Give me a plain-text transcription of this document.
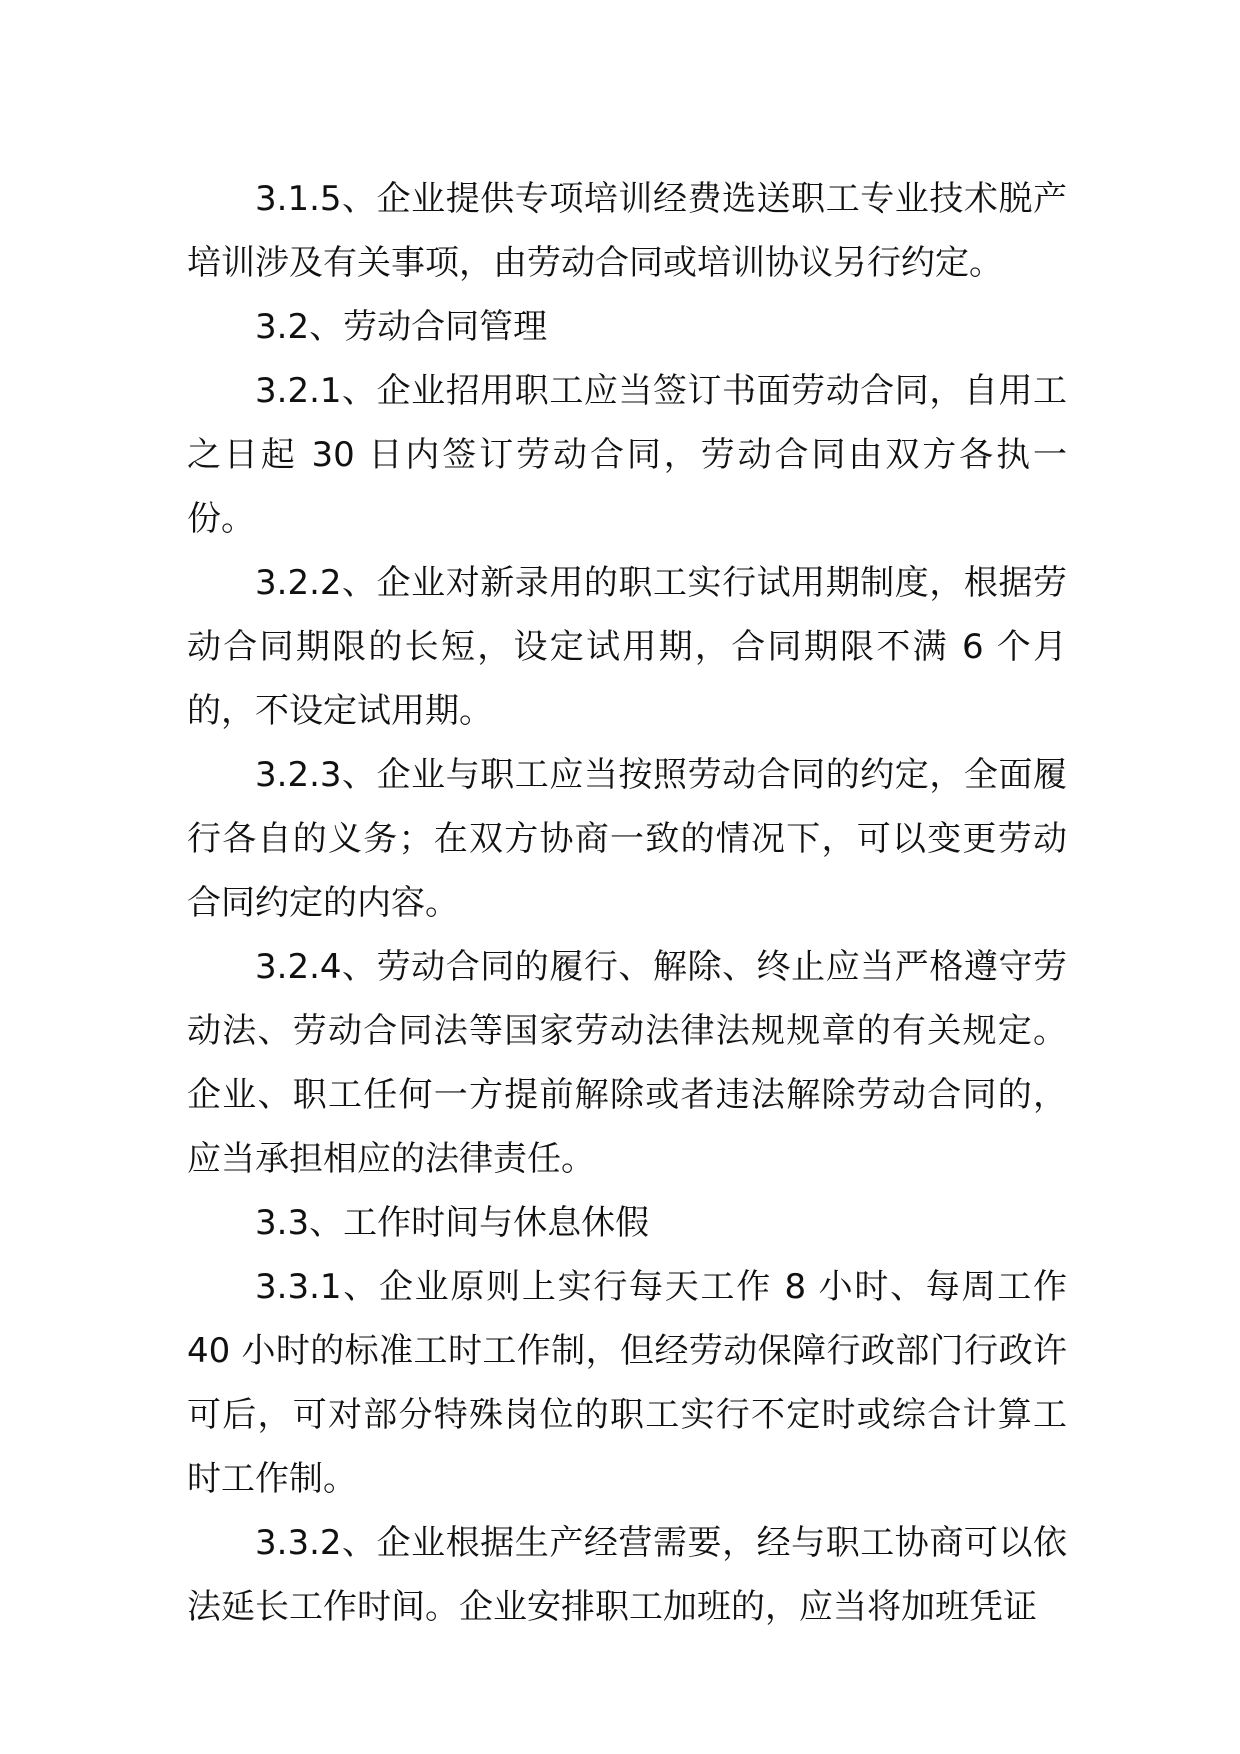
3.1.5、企业提供专项培训经费选送职工专业技术脱产培训涉及有关事项，由劳动合同或培训协议另行约定。

3.2、劳动合同管理

3.2.1、企业招用职工应当签订书面劳动合同，自用工之日起 30 日内签订劳动合同，劳动合同由双方各执一份。

3.2.2、企业对新录用的职工实行试用期制度，根据劳动合同期限的长短，设定试用期，合同期限不满 6 个月的，不设定试用期。

3.2.3、企业与职工应当按照劳动合同的约定，全面履行各自的义务；在双方协商一致的情况下，可以变更劳动合同约定的内容。

3.2.4、劳动合同的履行、解除、终止应当严格遵守劳动法、劳动合同法等国家劳动法律法规规章的有关规定。企业、职工任何一方提前解除或者违法解除劳动合同的，应当承担相应的法律责任。

3.3、工作时间与休息休假

3.3.1、企业原则上实行每天工作 8 小时、每周工作 40 小时的标准工时工作制，但经劳动保障行政部门行政许可后，可对部分特殊岗位的职工实行不定时或综合计算工时工作制。

3.3.2、企业根据生产经营需要，经与职工协商可以依法延长工作时间。企业安排职工加班的，应当将加班凭证
